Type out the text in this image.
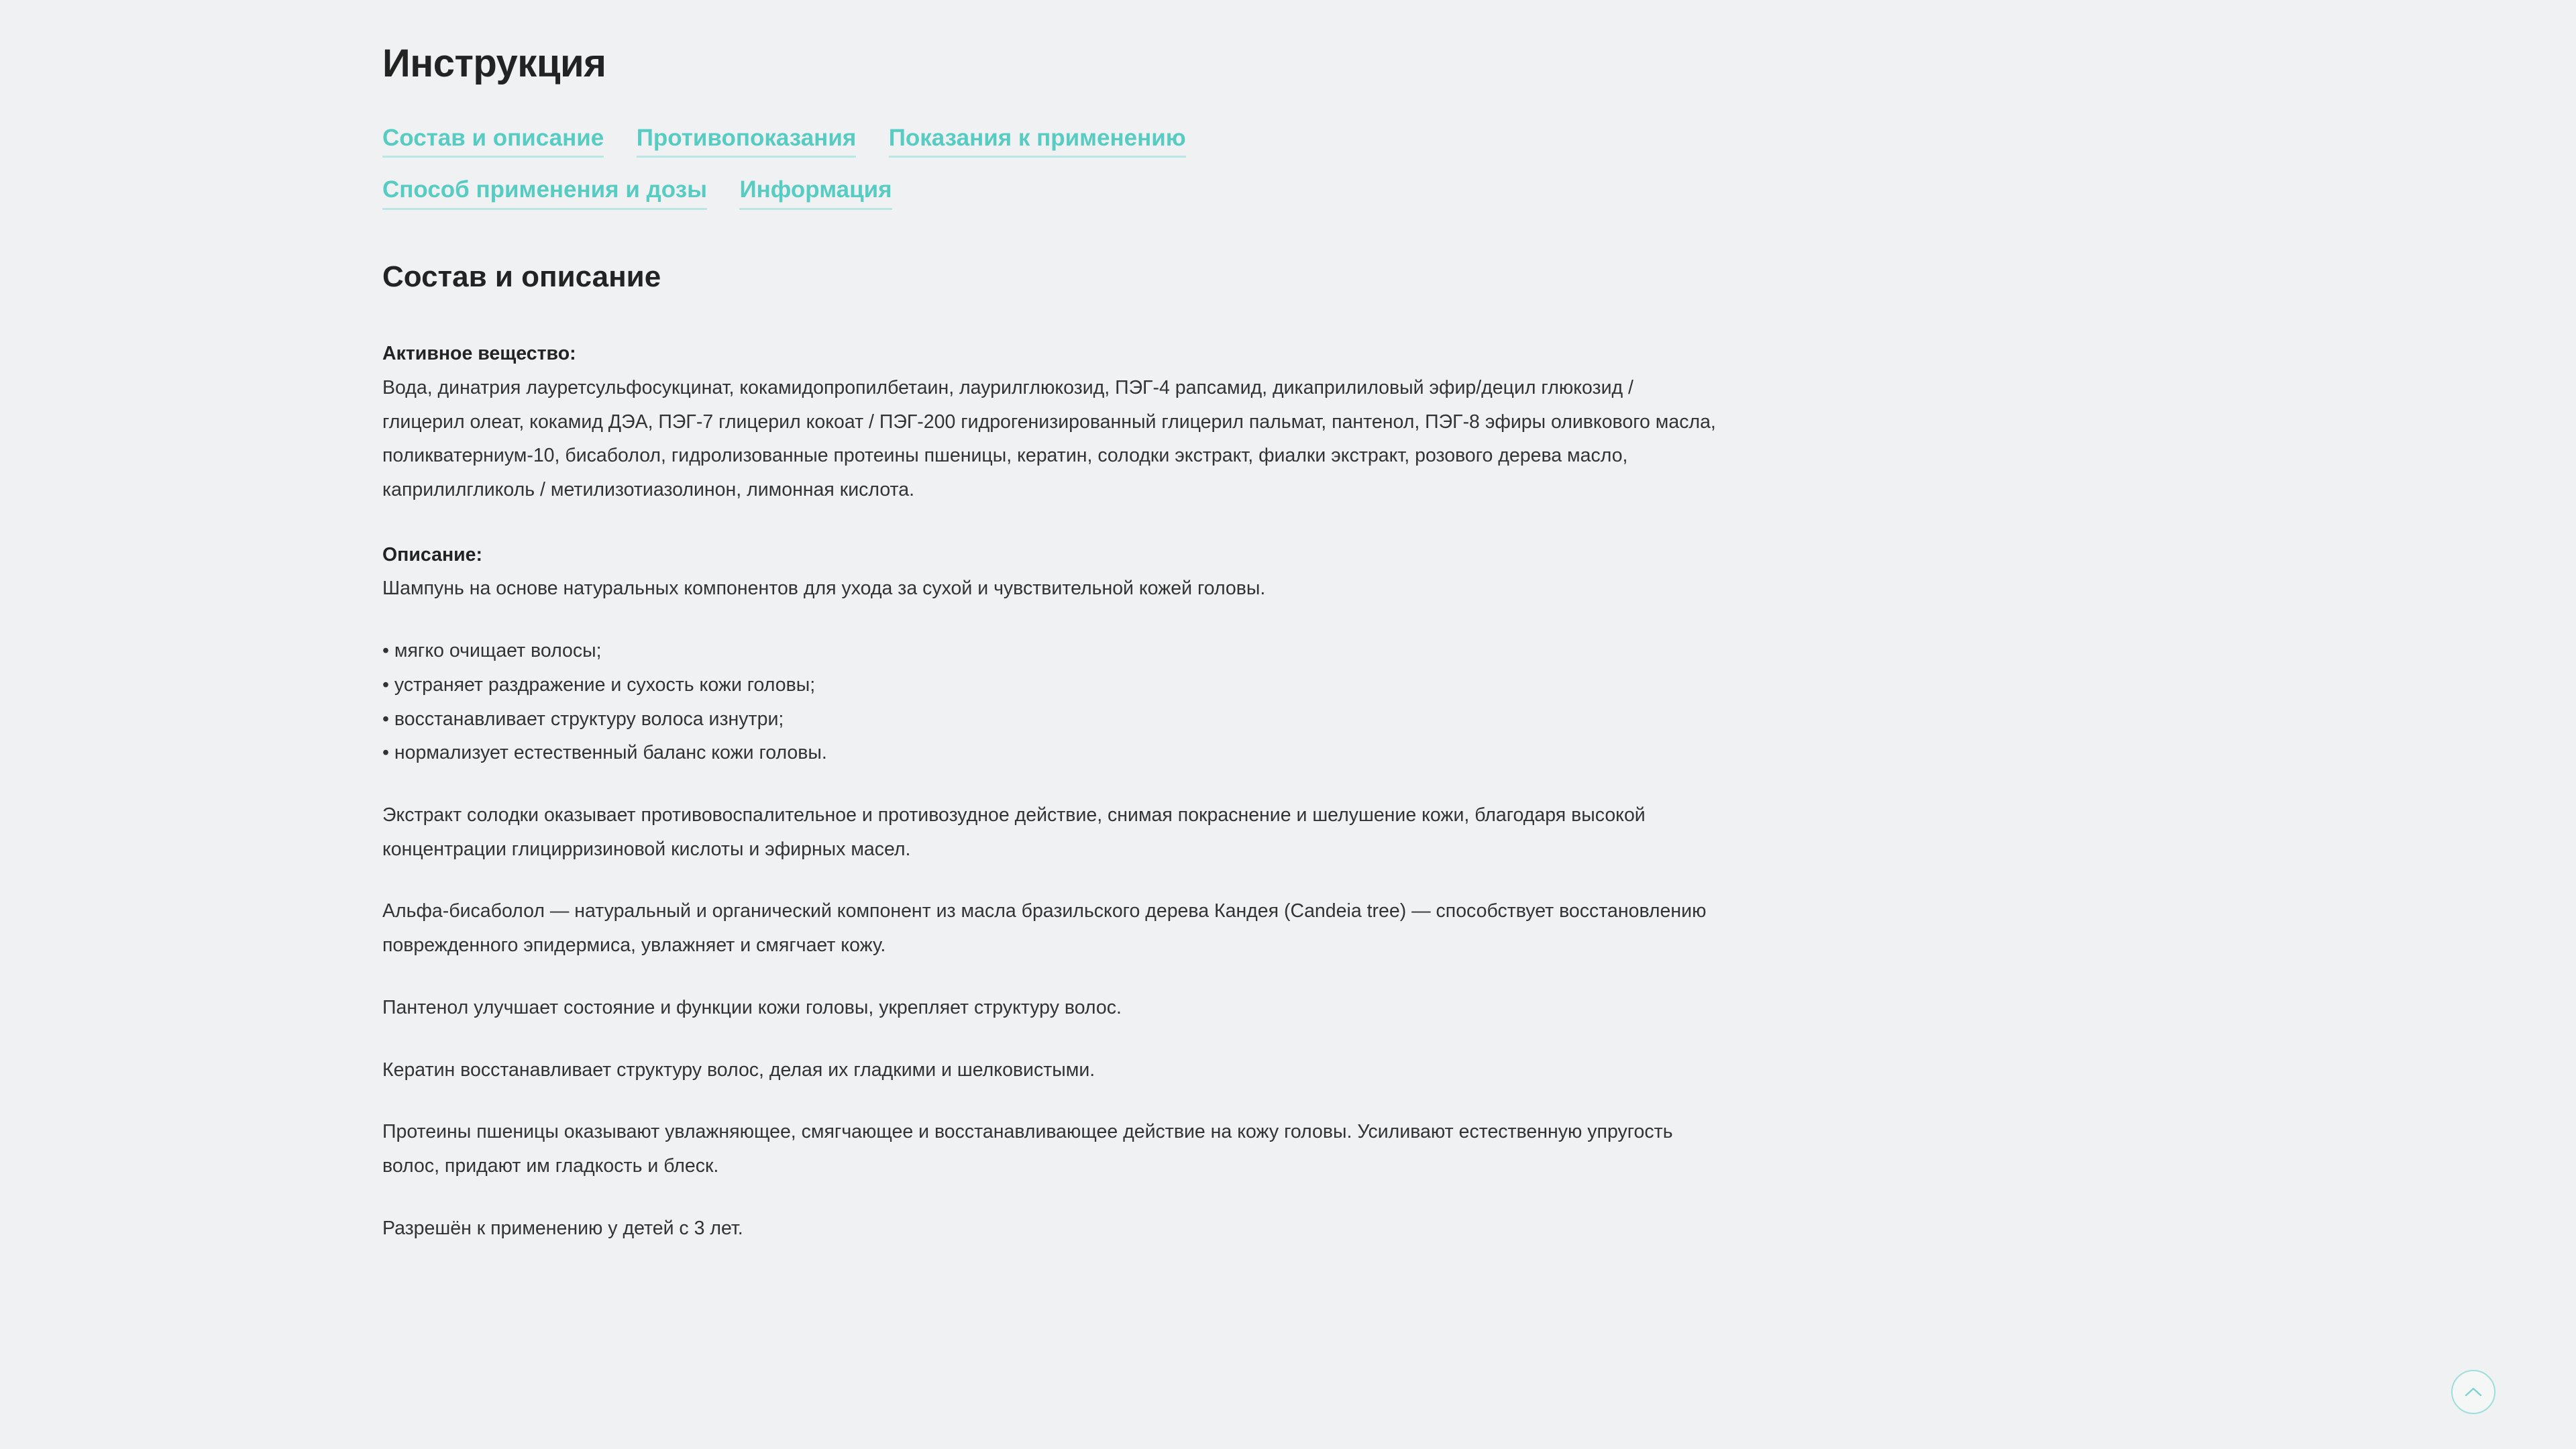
Инструкция
Состав и описание Противопоказания Показания к применению
Способ применения и дозы Информация
Состав и описание
Активное вещество:
Вода, динатрия лауретсульфосукцинат, кокамидопропилбетаин, лаурилглюкозид, ПЭГ-4 рапсамид, дикаприлиловый эфир/децил глюкозид / глицерил олеат, кокамид ДЭА, ПЭГ-7 глицерил кокоат / ПЭГ-200 гидрогенизированный глицерил пальмат, пантенол, ПЭГ-8 эфиры оливкового масла, поликватерниум-10, бисаболол, гидролизованные протеины пшеницы, кератин, солодки экстракт, фиалки экстракт, розового дерева масло, каприлилгликоль / метилизотиазолинон, лимонная кислота.
Описание:
Шампунь на основе натуральных компонентов для ухода за сухой и чувствительной кожей головы.
• мягко очищает волосы;
• устраняет раздражение и сухость кожи головы;
• восстанавливает структуру волоса изнутри;
• нормализует естественный баланс кожи головы.
Экстракт солодки оказывает противовоспалительное и противозудное действие, снимая покраснение и шелушение кожи, благодаря высокой концентрации глицирризиновой кислоты и эфирных масел.
Альфа-бисаболол — натуральный и органический компонент из масла бразильского дерева Кандея (Candeia tree) — способствует восстановлению поврежденного эпидермиса, увлажняет и смягчает кожу.
Пантенол улучшает состояние и функции кожи головы, укрепляет структуру волос.
Кератин восстанавливает структуру волос, делая их гладкими и шелковистыми.
Протеины пшеницы оказывают увлажняющее, смягчающее и восстанавливающее действие на кожу головы. Усиливают естественную упругость волос, придают им гладкость и блеск.
Разрешён к применению у детей с 3 лет.
